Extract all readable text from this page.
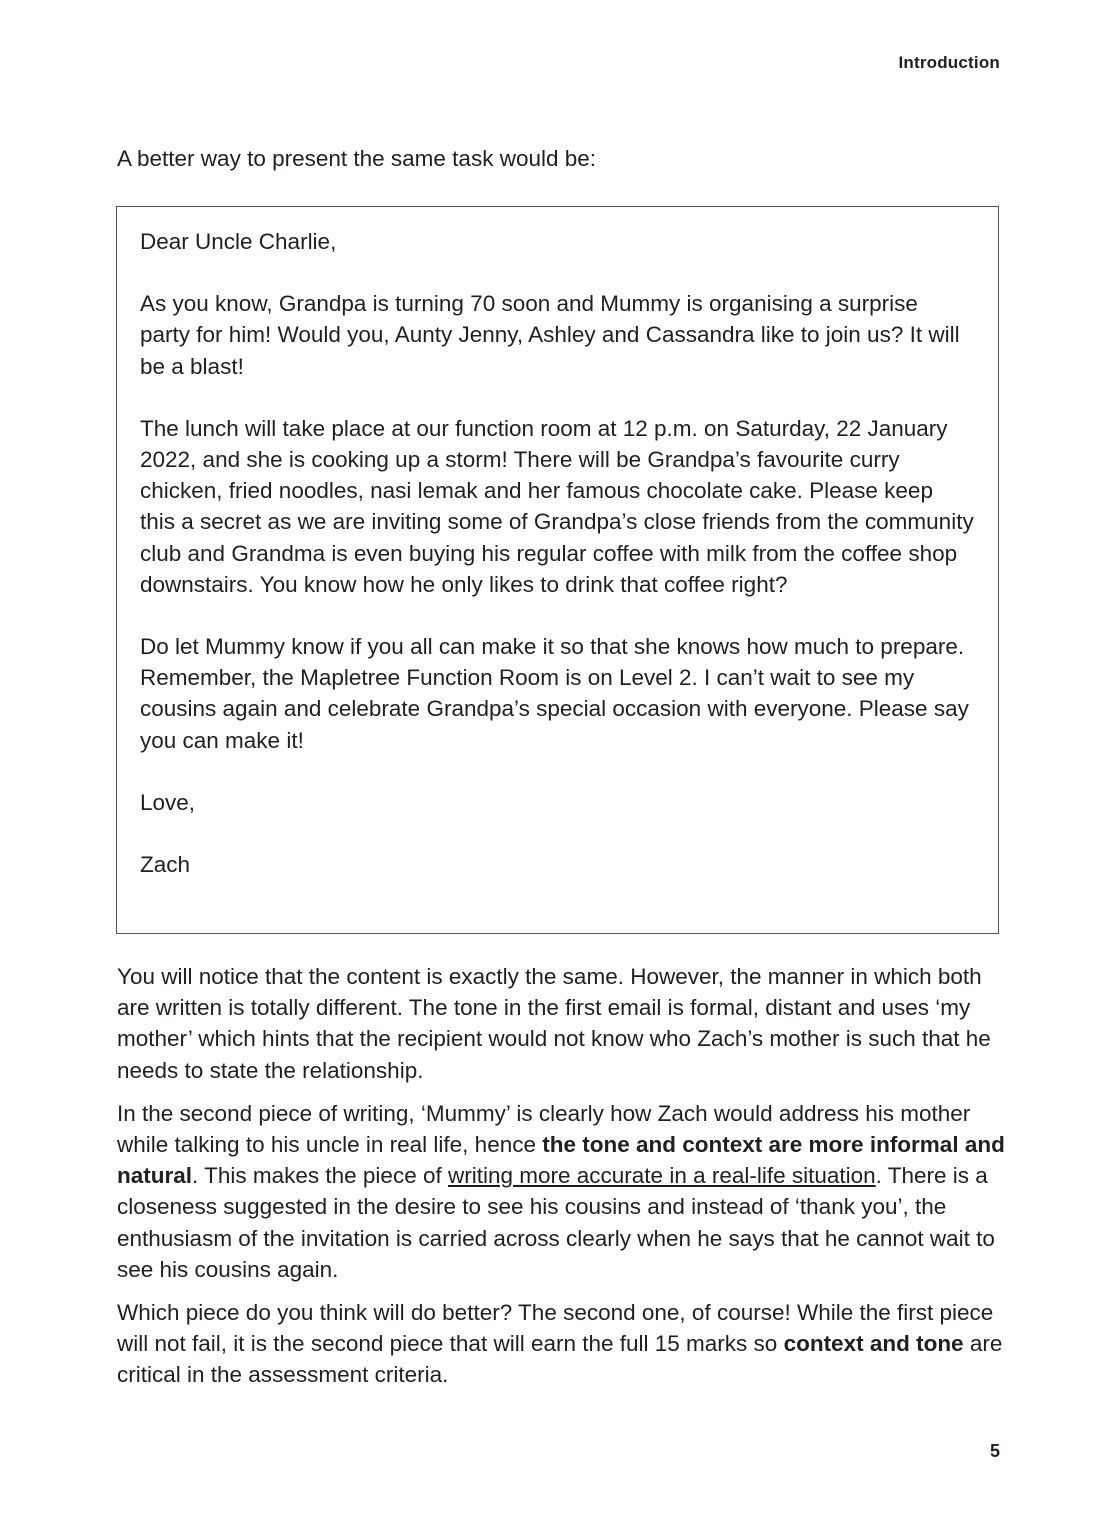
Introduction

A better way to present the same task would be:

Dear Uncle Charlie,

As you know, Grandpa is turning 70 soon and Mummy is organising a surprise party for him! Would you, Aunty Jenny, Ashley and Cassandra like to join us? It will be a blast!

The lunch will take place at our function room at 12 p.m. on Saturday, 22 January 2022, and she is cooking up a storm! There will be Grandpa’s favourite curry chicken, fried noodles, nasi lemak and her famous chocolate cake. Please keep this a secret as we are inviting some of Grandpa’s close friends from the community club and Grandma is even buying his regular coffee with milk from the coffee shop downstairs. You know how he only likes to drink that coffee right?

Do let Mummy know if you all can make it so that she knows how much to prepare. Remember, the Mapletree Function Room is on Level 2. I can’t wait to see my cousins again and celebrate Grandpa’s special occasion with everyone. Please say you can make it!

Love,

Zach

You will notice that the content is exactly the same. However, the manner in which both are written is totally different. The tone in the first email is formal, distant and uses ‘my mother’ which hints that the recipient would not know who Zach’s mother is such that he needs to state the relationship.

In the second piece of writing, ‘Mummy’ is clearly how Zach would address his mother while talking to his uncle in real life, hence the tone and context are more informal and natural. This makes the piece of writing more accurate in a real-life situation. There is a closeness suggested in the desire to see his cousins and instead of ‘thank you’, the enthusiasm of the invitation is carried across clearly when he says that he cannot wait to see his cousins again.

Which piece do you think will do better? The second one, of course! While the first piece will not fail, it is the second piece that will earn the full 15 marks so context and tone are critical in the assessment criteria.

5
